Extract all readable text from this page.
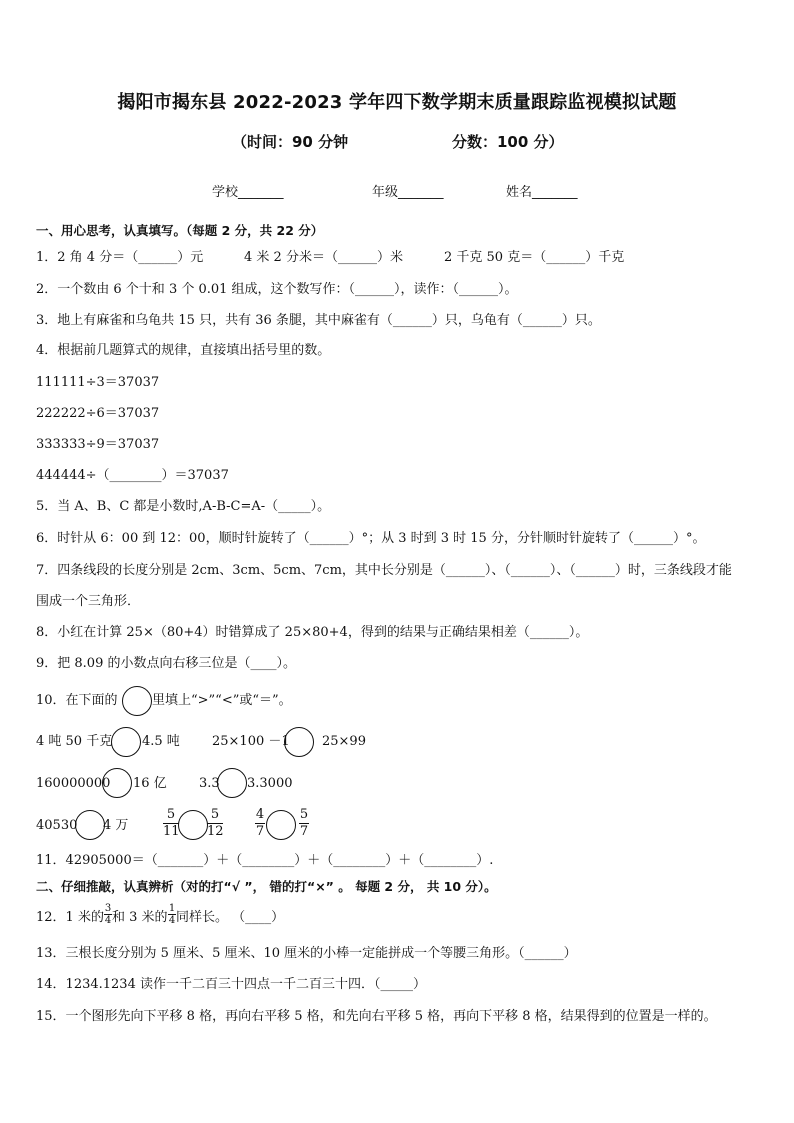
揭阳市揭东县 2022-2023 学年四下数学期末质量跟踪监视模拟试题
（时间：90 分钟	分数：100 分）
学校_______	年级_______	姓名_______
一、用心思考，认真填写。（每题 2 分，共 22 分）
1．2 角 4 分＝（______）元	4 米 2 分米＝（______）米	2 千克 50 克＝（______）千克
2．一个数由 6 个十和 3 个 0.01 组成，这个数写作：（______），读作：（______）。
3．地上有麻雀和乌龟共 15 只，共有 36 条腿，其中麻雀有（______）只，乌龟有（______）只。
4．根据前几题算式的规律，直接填出括号里的数。
111111÷3＝37037
222222÷6＝37037
333333÷9＝37037
444444÷（________）＝37037
5．当 A、B、C 都是小数时,A-B-C=A-（_____）。
6．时针从 6：00 到 12：00，顺时针旋转了（______）°；从 3 时到 3 时 15 分，分针顺时针旋转了（______）°。
7．四条线段的长度分别是 2cm、3cm、5cm、7cm，其中长分别是（______）、（______）、（______）时，三条线段才能
围成一个三角形．
8．小红在计算 25×（80+4）时错算成了 25×80+4，得到的结果与正确结果相差（______）。
9．把 8.09 的小数点向右移三位是（____）。
10．在下面的	里填上“>”“<”或“＝”。
4 吨 50 千克 4.5 吨 25×100 －1 25×99
160000000 16 亿 3.3 3.3000
40530 4 万
5
11
5
12
4
7
5
7
11．42905000＝（_______）＋（________）＋（________）＋（________）.
二、仔细推敲，认真辨析（对的打“√ ”， 错的打“×” 。 每题 2 分， 共 10 分）。
12．1 米的
3
4 和 3 米的
1
4 同样长。 （____）
13．三根长度分别为 5 厘米、5 厘米、10 厘米的小棒一定能拼成一个等腰三角形。（______）
14．1234.1234 读作一千二百三十四点一千二百三十四．（_____）
15．一个图形先向下平移 8 格，再向右平移 5 格，和先向右平移 5 格，再向下平移 8 格，结果得到的位置是一样的。
